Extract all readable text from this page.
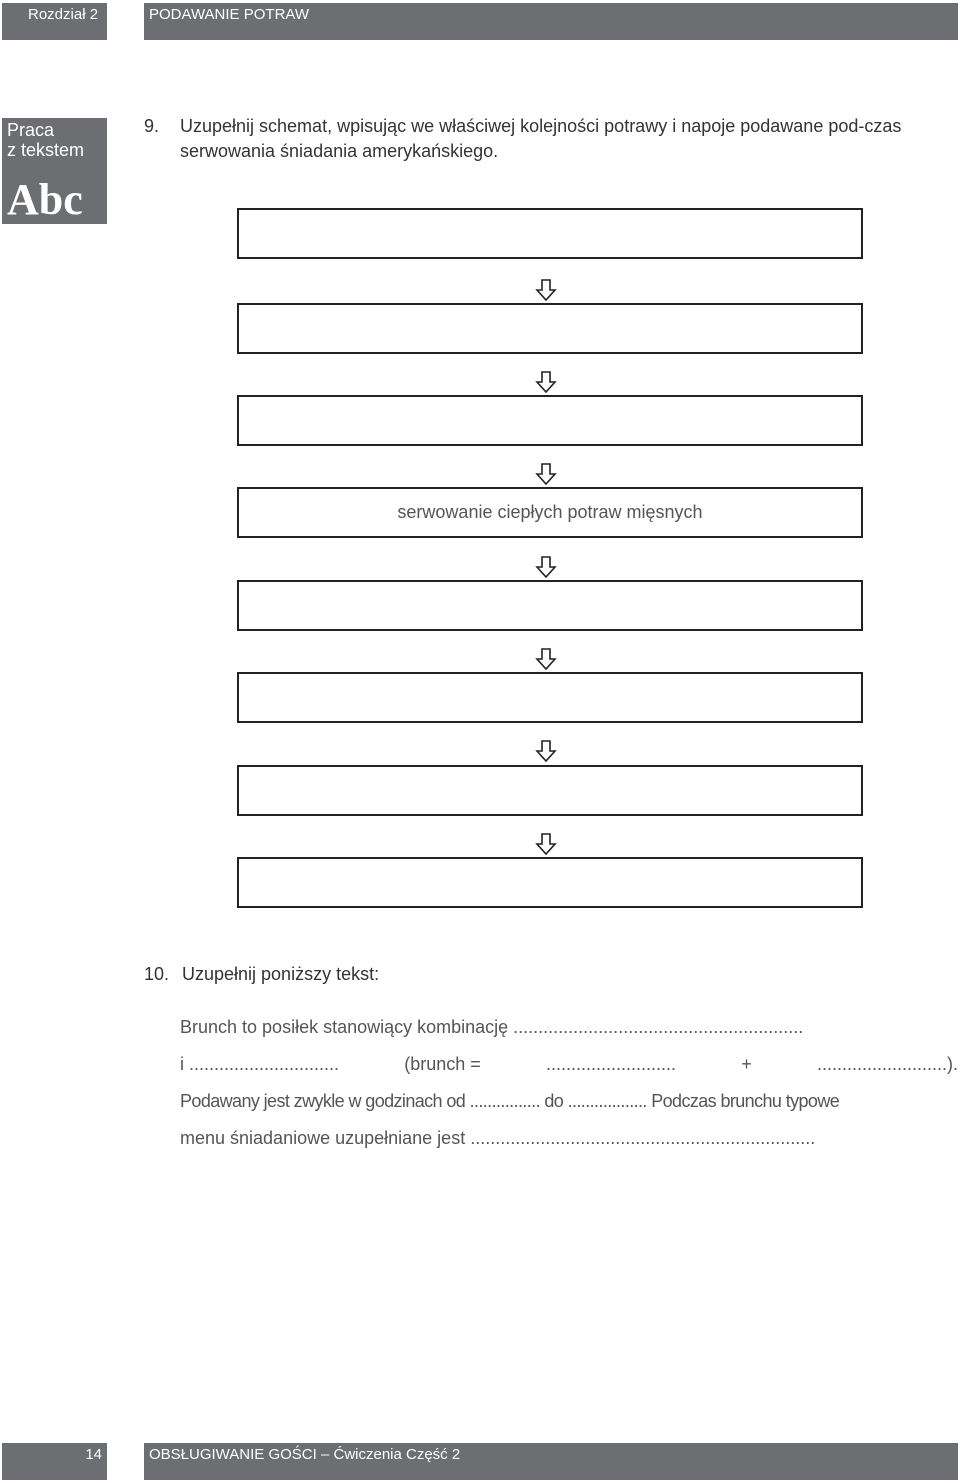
Rozdział 2	PODAWANIE POTRAW
Praca
z tekstem
Abc
9. Uzupełnij schemat, wpisując we właściwej kolejności potrawy i napoje podawane pod-czas serwowania śniadania amerykańskiego.
serwowanie ciepłych potraw mięsnych
10. Uzupełnij poniższy tekst:
Brunch to posiłek stanowiący kombinację ..........................................................
i ..............................	(brunch =	..........................	+	..........................).
Podawany jest zwykle w godzinach od ................ do .................. Podczas brunchu typowe
menu śniadaniowe uzupełniane jest .....................................................................
14	OBSŁUGIWANIE GOŚCI – Ćwiczenia Część 2
